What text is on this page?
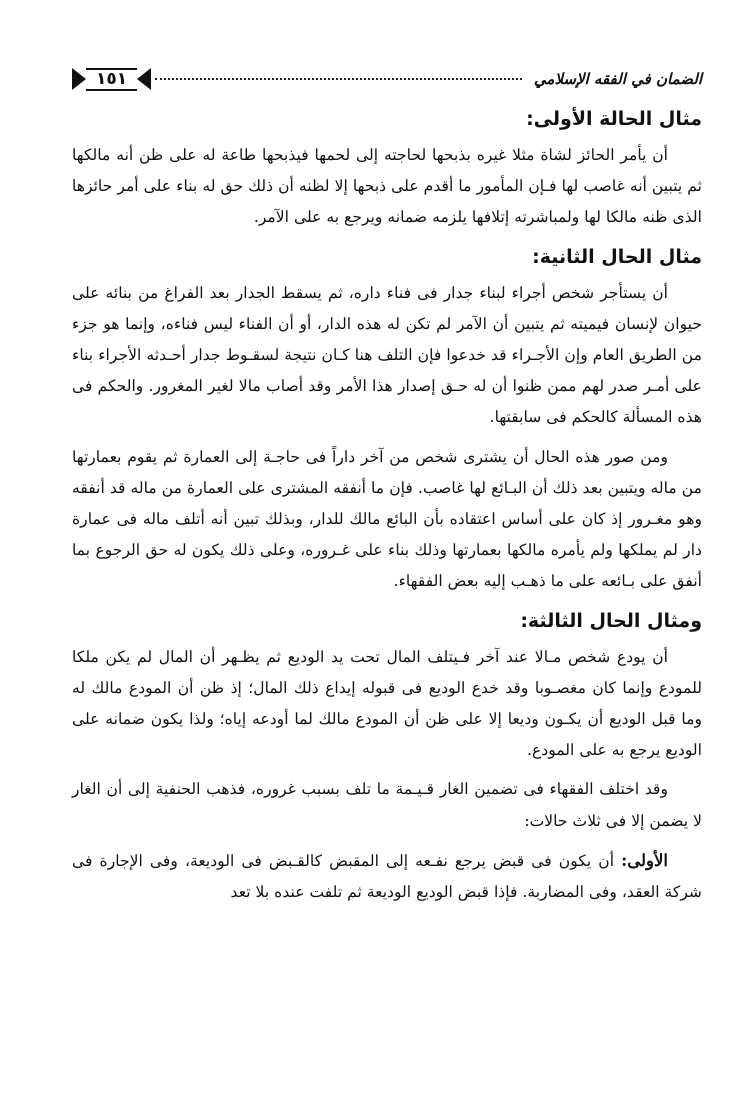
الضمان في الفقه الإسلامي
١٥١
مثال الحالة الأولى:

أن يأمر الحائز لشاة مثلا غيره بذبحها لحاجته إلى لحمها فيذبحها طاعة له على ظن أنه مالكها ثم يتبين أنه غاصب لها فـإن المأمور ما أقدم على ذبحها إلا لظنه أن ذلك حق له بناء على أمر حائزها الذى ظنه مالكا لها ولمباشرته إتلافها يلزمه ضمانه ويرجع به على الآمر.

مثال الحال الثانية:

أن يستأجر شخص أجراء لبناء جدار فى فناء داره، ثم يسقط الجدار بعد الفراغ من بنائه على حيوان لإنسان فيميته ثم يتبين أن الآمر لم تكن له هذه الدار، أو أن الفناء ليس فناءه، وإنما هو جزء من الطريق العام وإن الأجـراء قد خدعوا فإن التلف هنا كـان نتيجة لسقـوط جدار أحـدثه الأجراء بناء على أمـر صدر لهم ممن ظنوا أن له حـق إصدار هذا الأمر وقد أصاب مالا لغير المغرور. والحكم فى هذه المسألة كالحكم فى سابقتها.

ومن صور هذه الحال أن يشترى شخص من آخر داراً فى حاجـة إلى العمارة ثم يقوم بعمارتها من ماله ويتبين بعد ذلك أن البـائع لها غاصب. فإن ما أنفقه المشترى على العمارة من ماله قد أنفقه وهو مغـرور إذ كان على أساس اعتقاده بأن البائع مالك للدار، وبذلك تبين أنه أتلف ماله فى عمارة دار لم يملكها ولم يأمره مالكها بعمارتها وذلك بناء على غـروره، وعلى ذلك يكون له حق الرجوع بما أنفق على بـائعه على ما ذهـب إليه بعض الفقهاء.

ومثال الحال الثالثة:

أن يودع شخص مـالا عند آخر فـيتلف المال تحت يد الوديع ثم يظـهر أن المال لم يكن ملكا للمودع وإنما كان مغصـوبا وقد خدع الوديع فى قبوله إيداع ذلك المال؛ إذ ظن أن المودع مالك له وما قبل الوديع أن يكـون وديعا إلا على ظن أن المودع مالك لما أودعه إياه؛ ولذا يكون ضمانه على الوديع يرجع به على المودع.

وقد اختلف الفقهاء فى تضمين الغار قـيـمة ما تلف بسبب غروره، فذهب الحنفية إلى أن الغار لا يضمن إلا فى ثلاث حالات:

الأولى: أن يكون فى قبض يرجع نفـعه إلى المقبض كالقـبض فى الوديعة، وفى الإجارة فى شركة العقد، وفى المضاربة. فإذا قبض الوديع الوديعة ثم تلفت عنده بلا تعد
